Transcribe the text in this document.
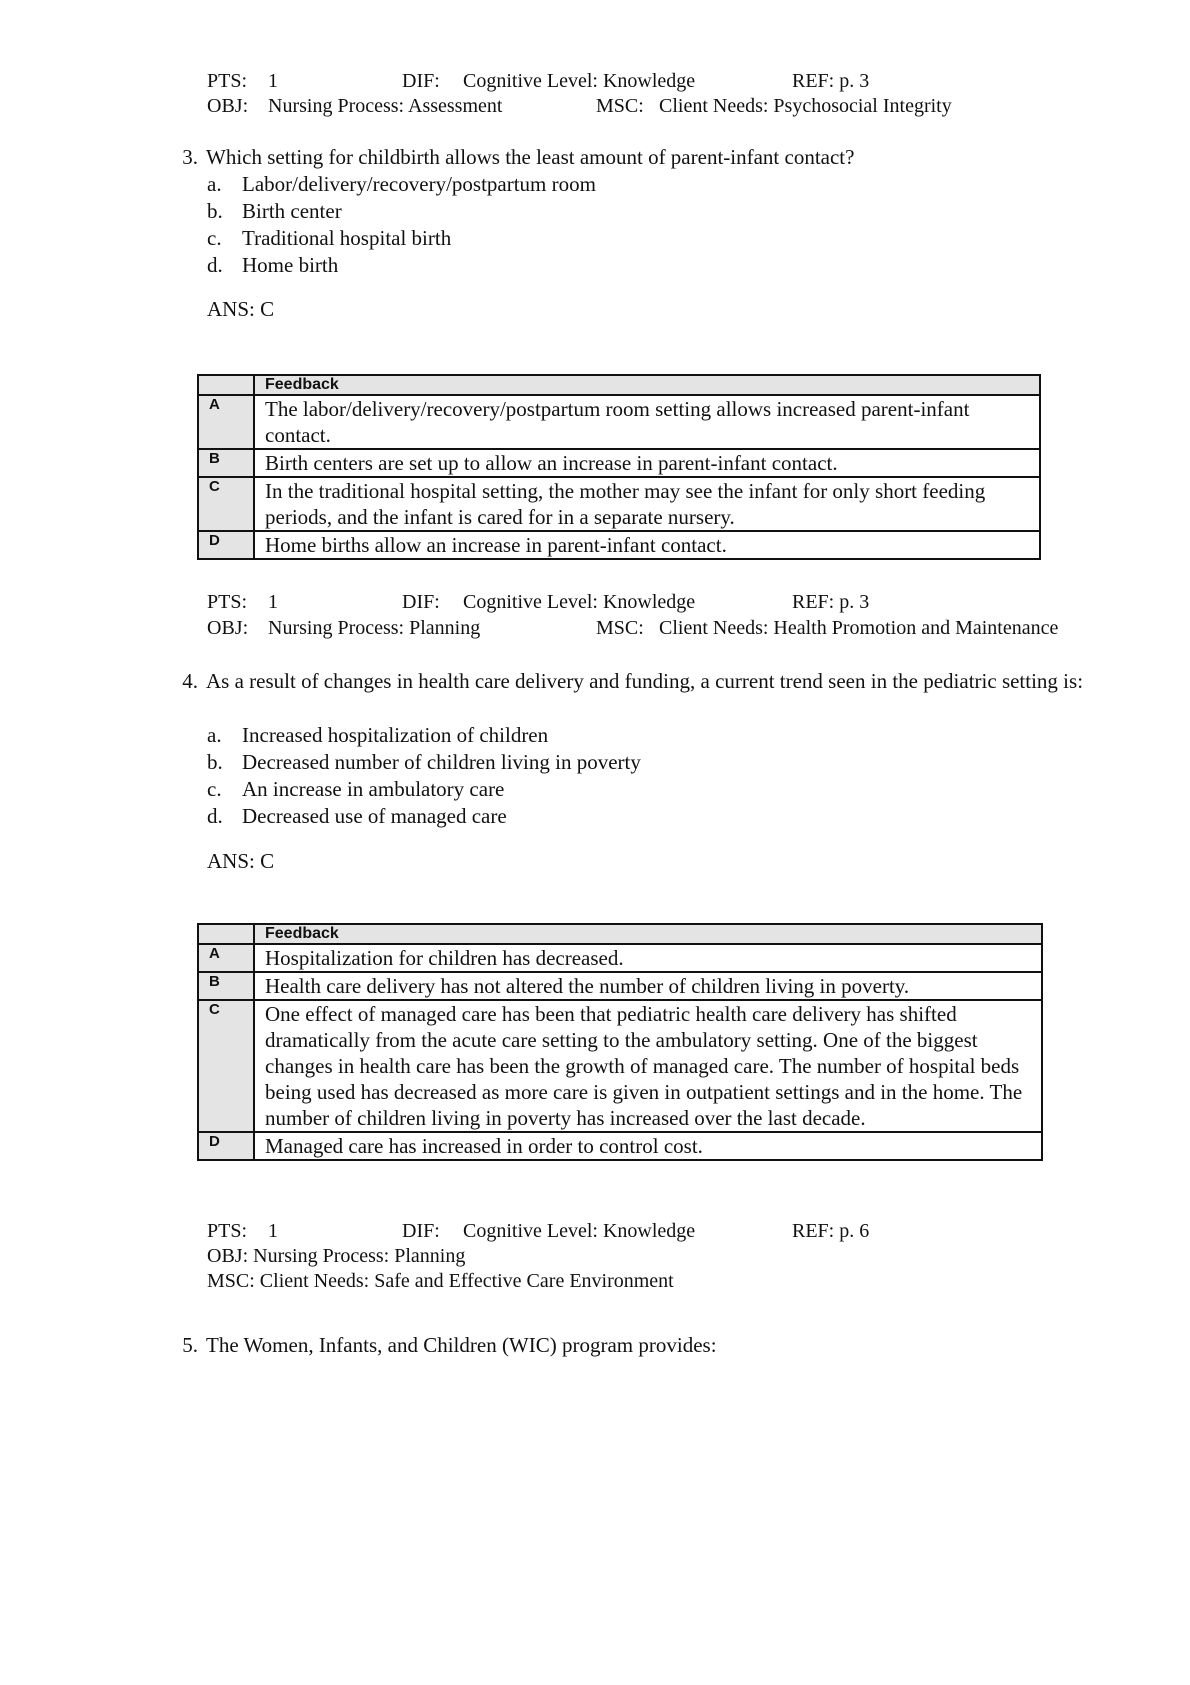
PTS: 1	DIF: Cognitive Level: Knowledge	REF: p. 3
OBJ: Nursing Process: Assessment	MSC: Client Needs: Psychosocial Integrity
3. Which setting for childbirth allows the least amount of parent-infant contact?
a. Labor/delivery/recovery/postpartum room
b. Birth center
c. Traditional hospital birth
d. Home birth
ANS: C
	Feedback
A	The labor/delivery/recovery/postpartum room setting allows increased parent-infant contact.
B	Birth centers are set up to allow an increase in parent-infant contact.
C	In the traditional hospital setting, the mother may see the infant for only short feeding periods, and the infant is cared for in a separate nursery.
D	Home births allow an increase in parent-infant contact.
PTS: 1	DIF: Cognitive Level: Knowledge	REF: p. 3
OBJ: Nursing Process: Planning	MSC: Client Needs: Health Promotion and Maintenance
4. As a result of changes in health care delivery and funding, a current trend seen in the pediatric setting is:
a. Increased hospitalization of children
b. Decreased number of children living in poverty
c. An increase in ambulatory care
d. Decreased use of managed care
ANS: C
	Feedback
A	Hospitalization for children has decreased.
B	Health care delivery has not altered the number of children living in poverty.
C	One effect of managed care has been that pediatric health care delivery has shifted dramatically from the acute care setting to the ambulatory setting. One of the biggest changes in health care has been the growth of managed care. The number of hospital beds being used has decreased as more care is given in outpatient settings and in the home. The number of children living in poverty has increased over the last decade.
D	Managed care has increased in order to control cost.
PTS: 1	DIF: Cognitive Level: Knowledge	REF: p. 6
OBJ: Nursing Process: Planning
MSC: Client Needs: Safe and Effective Care Environment
5. The Women, Infants, and Children (WIC) program provides:
